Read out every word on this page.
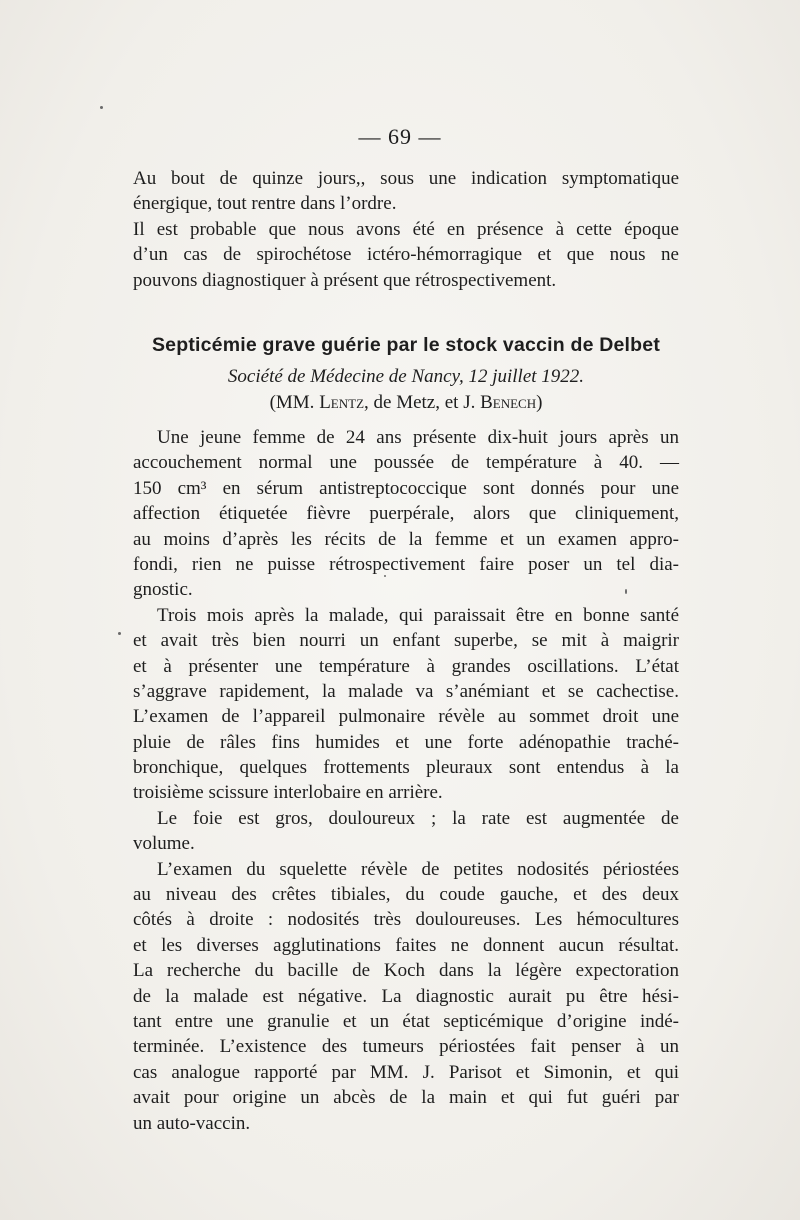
— 69 —
Au bout de quinze jours,, sous une indication symptomatique
énergique, tout rentre dans l’ordre.
Il est probable que nous avons été en présence à cette époque
d’un cas de spirochétose ictéro-hémorragique et que nous ne
pouvons diagnostiquer à présent que rétrospectivement.
Septicémie grave guérie par le stock vaccin de Delbet
Société de Médecine de Nancy, 12 juillet 1922.
(MM. Lentz, de Metz, et J. Benech)
Une jeune femme de 24 ans présente dix-huit jours après un
accouchement normal une poussée de température à 40. —
150 cm³ en sérum antistreptococcique sont donnés pour une
affection étiquetée fièvre puerpérale, alors que cliniquement,
au moins d’après les récits de la femme et un examen appro-
fondi, rien ne puisse rétrospectivement faire poser un tel dia-
gnostic.
Trois mois après la malade, qui paraissait être en bonne santé
et avait très bien nourri un enfant superbe, se mit à maigrir
et à présenter une température à grandes oscillations. L’état
s’aggrave rapidement, la malade va s’anémiant et se cachectise.
L’examen de l’appareil pulmonaire révèle au sommet droit une
pluie de râles fins humides et une forte adénopathie traché-
bronchique, quelques frottements pleuraux sont entendus à la
troisième scissure interlobaire en arrière.
Le foie est gros, douloureux ; la rate est augmentée de
volume.
L’examen du squelette révèle de petites nodosités périostées
au niveau des crêtes tibiales, du coude gauche, et des deux
côtés à droite : nodosités très douloureuses. Les hémocultures
et les diverses agglutinations faites ne donnent aucun résultat.
La recherche du bacille de Koch dans la légère expectoration
de la malade est négative. La diagnostic aurait pu être hési-
tant entre une granulie et un état septicémique d’origine indé-
terminée. L’existence des tumeurs périostées fait penser à un
cas analogue rapporté par MM. J. Parisot et Simonin, et qui
avait pour origine un abcès de la main et qui fut guéri par
un auto-vaccin.
